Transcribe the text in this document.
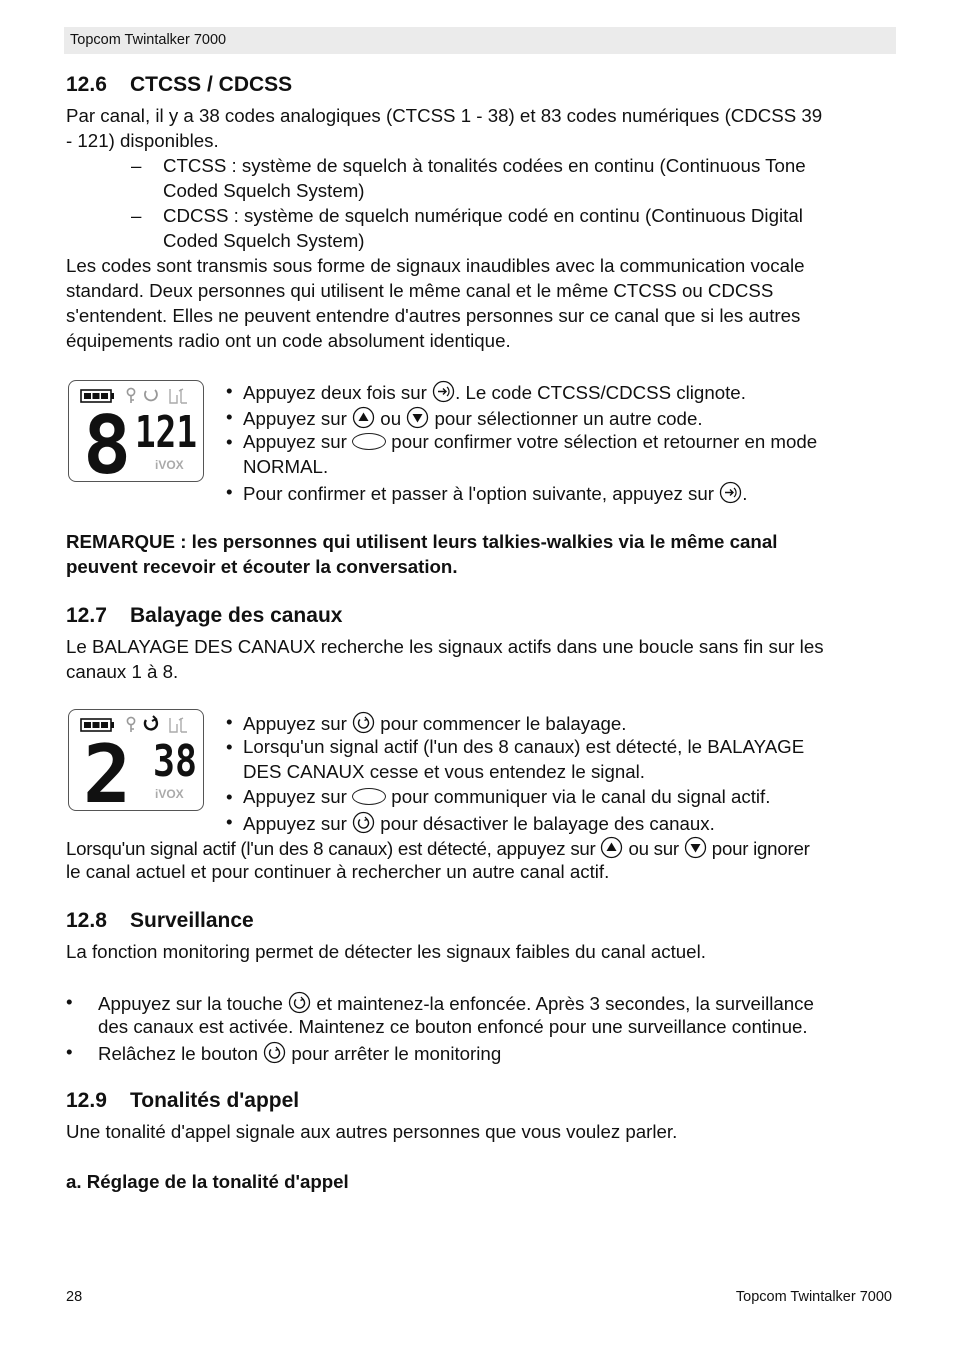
Topcom Twintalker 7000
12.6 CTCSS / CDCSS
Par canal, il y a 38 codes analogiques (CTCSS 1 - 38) et 83 codes numériques (CDCSS 39
- 121) disponibles.
– CTCSS : système de squelch à tonalités codées en continu (Continuous Tone
Coded Squelch System)
– CDCSS : système de squelch numérique codé en continu (Continuous Digital
Coded Squelch System)
Les codes sont transmis sous forme de signaux inaudibles avec la communication vocale
standard. Deux personnes qui utilisent le même canal et le même CTCSS ou CDCSS
s'entendent. Elles ne peuvent entendre d'autres personnes sur ce canal que si les autres
équipements radio ont un code absolument identique.
8 121
iVOX
• Appuyez deux fois sur . Le code CTCSS/CDCSS clignote.
• Appuyez sur ou pour sélectionner un autre code.
• Appuyez sur pour confirmer votre sélection et retourner en mode
NORMAL.
• Pour confirmer et passer à l'option suivante, appuyez sur .
REMARQUE : les personnes qui utilisent leurs talkies-walkies via le même canal
peuvent recevoir et écouter la conversation.
12.7 Balayage des canaux
Le BALAYAGE DES CANAUX recherche les signaux actifs dans une boucle sans fin sur les
canaux 1 à 8.
2 38
iVOX
• Appuyez sur pour commencer le balayage.
• Lorsqu'un signal actif (l'un des 8 canaux) est détecté, le BALAYAGE
DES CANAUX cesse et vous entendez le signal.
• Appuyez sur pour communiquer via le canal du signal actif.
• Appuyez sur pour désactiver le balayage des canaux.
Lorsqu'un signal actif (l'un des 8 canaux) est détecté, appuyez sur ou sur pour ignorer
le canal actuel et pour continuer à rechercher un autre canal actif.
12.8 Surveillance
La fonction monitoring permet de détecter les signaux faibles du canal actuel.
• Appuyez sur la touche et maintenez-la enfoncée. Après 3 secondes, la surveillance
des canaux est activée. Maintenez ce bouton enfoncé pour une surveillance continue.
• Relâchez le bouton pour arrêter le monitoring
12.9 Tonalités d'appel
Une tonalité d'appel signale aux autres personnes que vous voulez parler.
a. Réglage de la tonalité d'appel
28	Topcom Twintalker 7000
